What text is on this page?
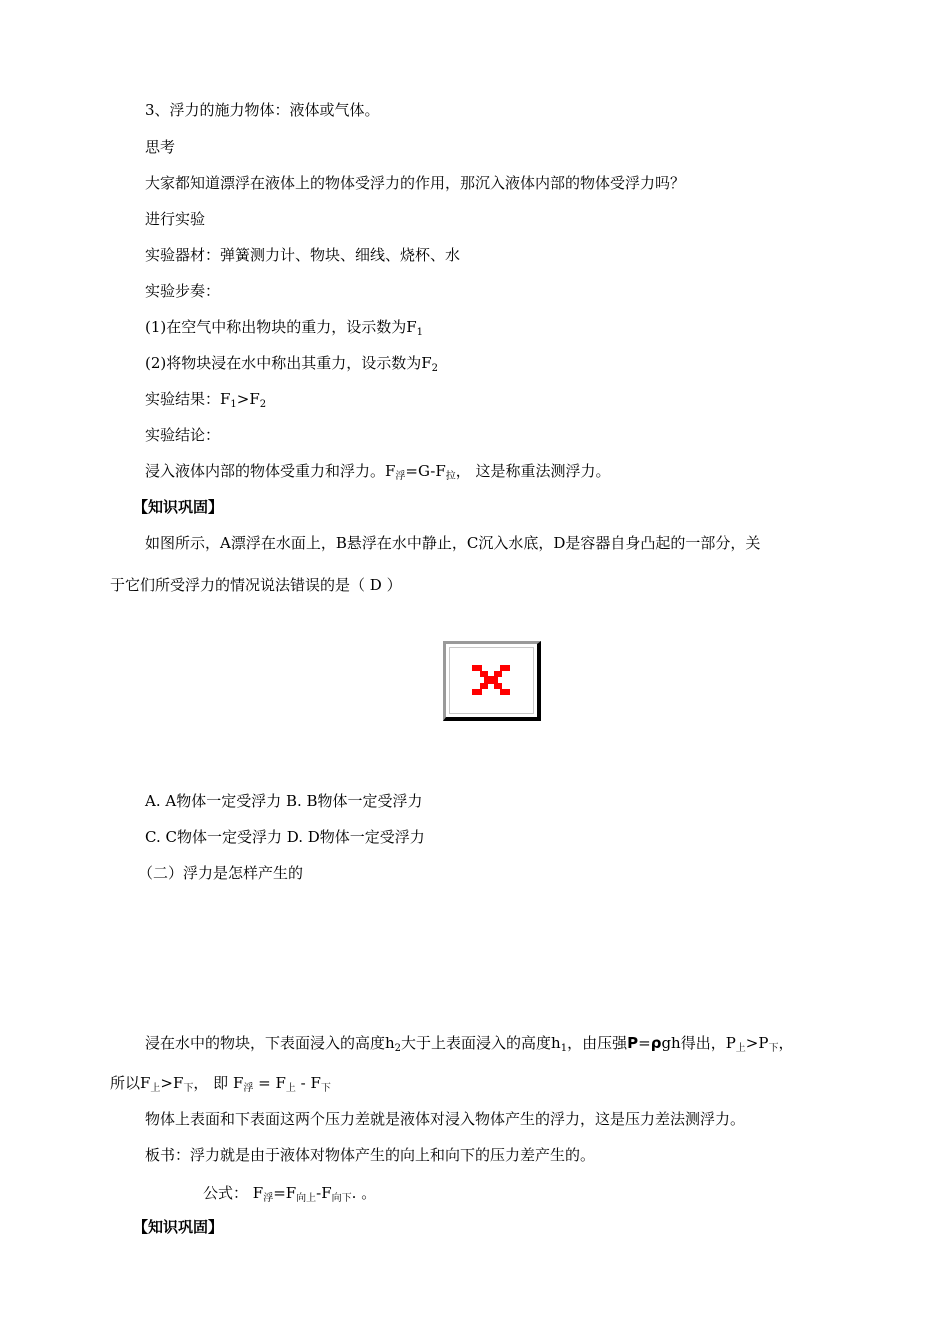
3、浮力的施力物体：液体或气体。
思考
大家都知道漂浮在液体上的物体受浮力的作用，那沉入液体内部的物体受浮力吗？
进行实验
实验器材：弹簧测力计、物块、细线、烧杯、水
实验步奏：
(1)在空气中称出物块的重力，设示数为$F_1$
(2)将物块浸在水中称出其重力，设示数为$F_2$
实验结果：$F_1>F_2$
实验结论：
浸入液体内部的物体受重力和浮力。$F_浮=G-F_拉$， 这是称重法测浮力。
【知识巩固】
如图所示，A漂浮在水面上，B悬浮在水中静止，C沉入水底，D是容器自身凸起的一部分，关
于它们所受浮力的情况说法错误的是（ D ）
A. A物体一定受浮力 B. B物体一定受浮力
C. C物体一定受浮力 D. D物体一定受浮力
（二）浮力是怎样产生的
浸在水中的物块，下表面浸入的高度$h_2$大于上表面浸入的高度$h_1$，由压强P=ρgh得出，$P_上>P_下$，
所以$F_上>F_下$， 即 $F_浮 = F_上 - F_下$
物体上表面和下表面这两个压力差就是液体对浸入物体产生的浮力，这是压力差法测浮力。
板书：浮力就是由于液体对物体产生的向上和向下的压力差产生的。
公式： $F_浮=F_{向上}-F_{向下}$. 。
【知识巩固】
